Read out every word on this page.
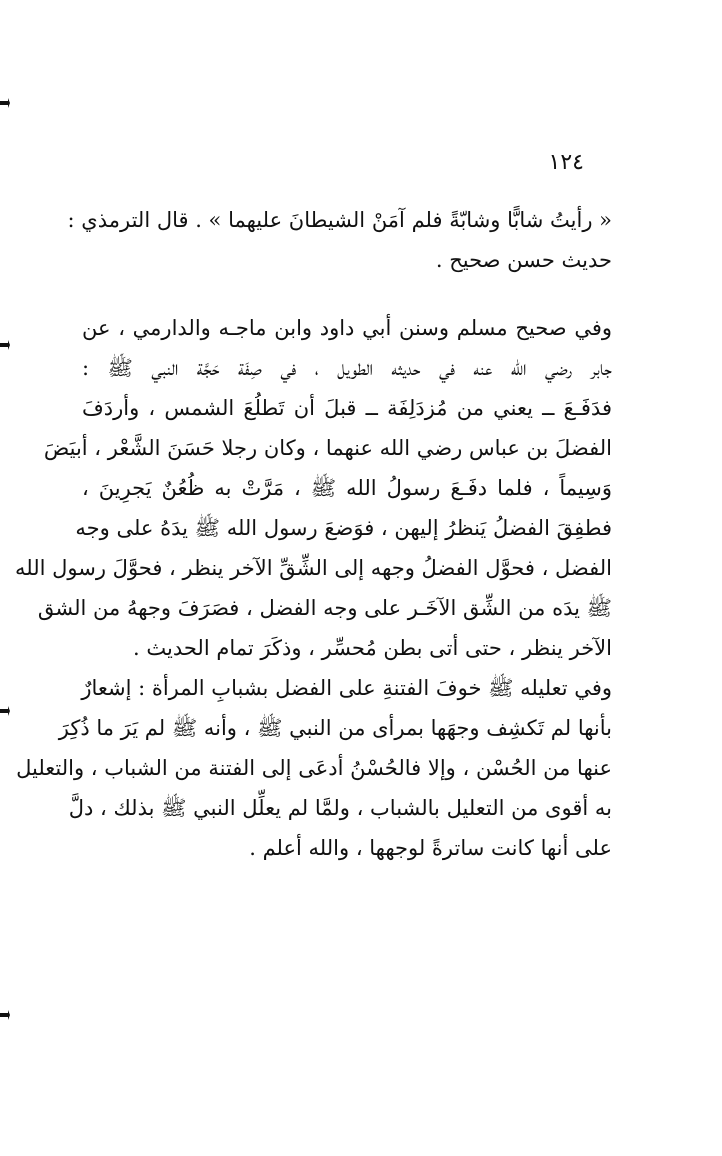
١٢٤
« رأيتُ شابًّا وشابّةً فلم آمَنْ الشيطانَ عليهما » . قال الترمذي :
حديث حسن صحيح .
وفي صحيح مسلم وسنن أبي داود وابن ماجـه والدارمي ، عن
جابر رضي الله عنه في حديثه الطويل ، في صِفَة حَجَّة النبي ﷺ :
فدَفَـعَ ــ يعني من مُزدَلِفَة ــ قبلَ أن تَطلُعَ الشمس ، وأردَفَ
الفضلَ بن عباس رضي الله عنهما ، وكان رجلا حَسَنَ الشَّعْر ، أبيَضَ
وَسِيماً ، فلما دفَـعَ رسولُ الله ﷺ ، مَرَّتْ به ظُعُنٌ يَجرِينَ ،
فطفِقَ الفضلُ يَنظرُ إليهن ، فوَضعَ رسول الله ﷺ يدَهُ على وجه
الفضل ، فحوَّل الفضلُ وجهه إلى الشِّقِّ الآخر ينظر ، فحوَّلَ رسول الله
ﷺ يدَه من الشِّق الآخَـر على وجه الفضل ، فصَرَفَ وجههُ من الشق
الآخر ينظر ، حتى أتى بطن مُحسِّر ، وذكَرَ تمام الحديث .
وفي تعليله ﷺ خوفَ الفتنةِ على الفضل بشبابِ المرأة : إشعارٌ
بأنها لم تَكشِف وجهَها بمرأى من النبي ﷺ ، وأنه ﷺ لم يَرَ ما ذُكِرَ
عنها من الحُسْن ، وإلا فالحُسْنُ أدعَى إلى الفتنة من الشباب ، والتعليل
به أقوى من التعليل بالشباب ، ولمَّا لم يعلِّل النبي ﷺ بذلك ، دلَّ
على أنها كانت ساترةً لوجهها ، والله أعلم .
